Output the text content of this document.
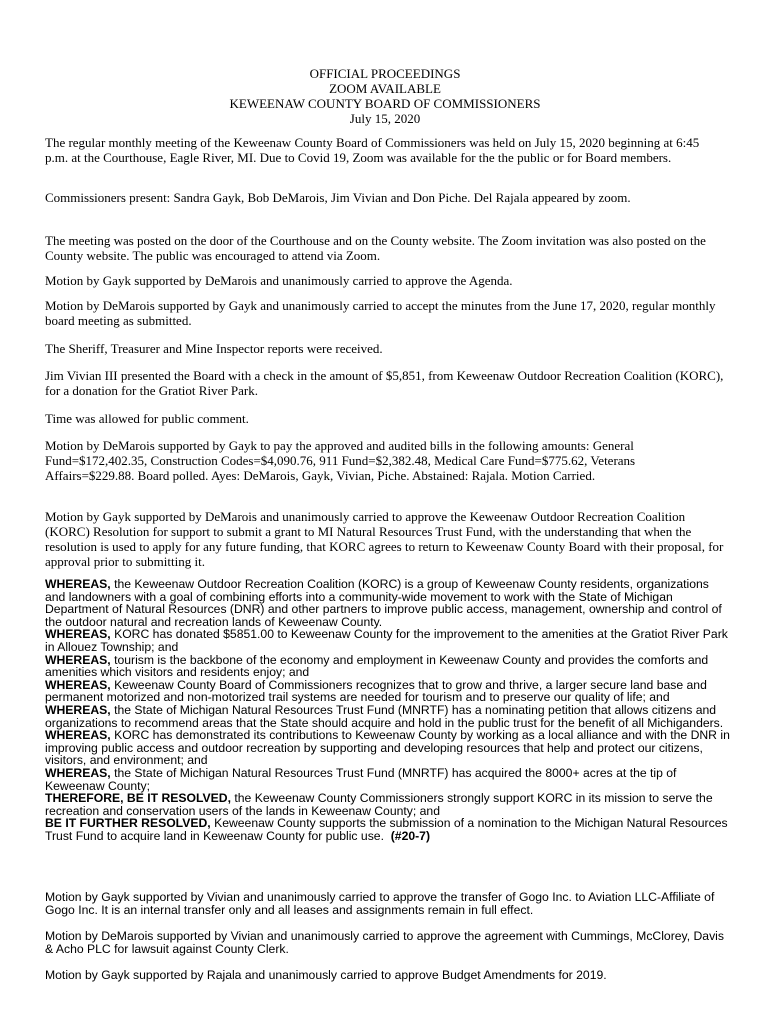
OFFICIAL PROCEEDINGS
ZOOM AVAILABLE
KEWEENAW COUNTY BOARD OF COMMISSIONERS
July 15, 2020

The regular monthly meeting of the Keweenaw County Board of Commissioners was held on July 15, 2020 beginning at 6:45 p.m. at the Courthouse, Eagle River, MI. Due to Covid 19, Zoom was available for the the public or for Board members.

Commissioners present: Sandra Gayk, Bob DeMarois, Jim Vivian and Don Piche. Del Rajala appeared by zoom.

The meeting was posted on the door of the Courthouse and on the County website. The Zoom invitation was also posted on the County website. The public was encouraged to attend via Zoom.

Motion by Gayk supported by DeMarois and unanimously carried to approve the Agenda.

Motion by DeMarois supported by Gayk and unanimously carried to accept the minutes from the June 17, 2020, regular monthly board meeting as submitted.

The Sheriff, Treasurer and Mine Inspector reports were received.

Jim Vivian III presented the Board with a check in the amount of $5,851, from Keweenaw Outdoor Recreation Coalition (KORC), for a donation for the Gratiot River Park.

Time was allowed for public comment.

Motion by DeMarois supported by Gayk to pay the approved and audited bills in the following amounts: General Fund=$172,402.35, Construction Codes=$4,090.76, 911 Fund=$2,382.48, Medical Care Fund=$775.62, Veterans Affairs=$229.88. Board polled. Ayes: DeMarois, Gayk, Vivian, Piche. Abstained: Rajala. Motion Carried.

Motion by Gayk supported by DeMarois and unanimously carried to approve the Keweenaw Outdoor Recreation Coalition (KORC) Resolution for support to submit a grant to MI Natural Resources Trust Fund, with the understanding that when the resolution is used to apply for any future funding, that KORC agrees to return to Keweenaw County Board with their proposal, for approval prior to submitting it.

WHEREAS, the Keweenaw Outdoor Recreation Coalition (KORC) is a group of Keweenaw County residents, organizations and landowners with a goal of combining efforts into a community-wide movement to work with the State of Michigan Department of Natural Resources (DNR) and other partners to improve public access, management, ownership and control of the outdoor natural and recreation lands of Keweenaw County.

WHEREAS, KORC has donated $5851.00 to Keweenaw County for the improvement to the amenities at the Gratiot River Park in Allouez Township; and

WHEREAS, tourism is the backbone of the economy and employment in Keweenaw County and provides the comforts and amenities which visitors and residents enjoy; and

WHEREAS, Keweenaw County Board of Commissioners recognizes that to grow and thrive, a larger secure land base and permanent motorized and non-motorized trail systems are needed for tourism and to preserve our quality of life; and

WHEREAS, the State of Michigan Natural Resources Trust Fund (MNRTF) has a nominating petition that allows citizens and organizations to recommend areas that the State should acquire and hold in the public trust for the benefit of all Michiganders.

WHEREAS, KORC has demonstrated its contributions to Keweenaw County by working as a local alliance and with the DNR in improving public access and outdoor recreation by supporting and developing resources that help and protect our citizens, visitors, and environment; and

WHEREAS, the State of Michigan Natural Resources Trust Fund (MNRTF) has acquired the 8000+ acres at the tip of Keweenaw County;

THEREFORE, BE IT RESOLVED, the Keweenaw County Commissioners strongly support KORC in its mission to serve the recreation and conservation users of the lands in Keweenaw County; and

BE IT FURTHER RESOLVED, Keweenaw County supports the submission of a nomination to the Michigan Natural Resources Trust Fund to acquire land in Keweenaw County for public use. (#20-7)

Motion by Gayk supported by Vivian and unanimously carried to approve the transfer of Gogo Inc. to Aviation LLC-Affiliate of Gogo Inc. It is an internal transfer only and all leases and assignments remain in full effect.

Motion by DeMarois supported by Vivian and unanimously carried to approve the agreement with Cummings, McClorey, Davis & Acho PLC for lawsuit against County Clerk.

Motion by Gayk supported by Rajala and unanimously carried to approve Budget Amendments for 2019.
